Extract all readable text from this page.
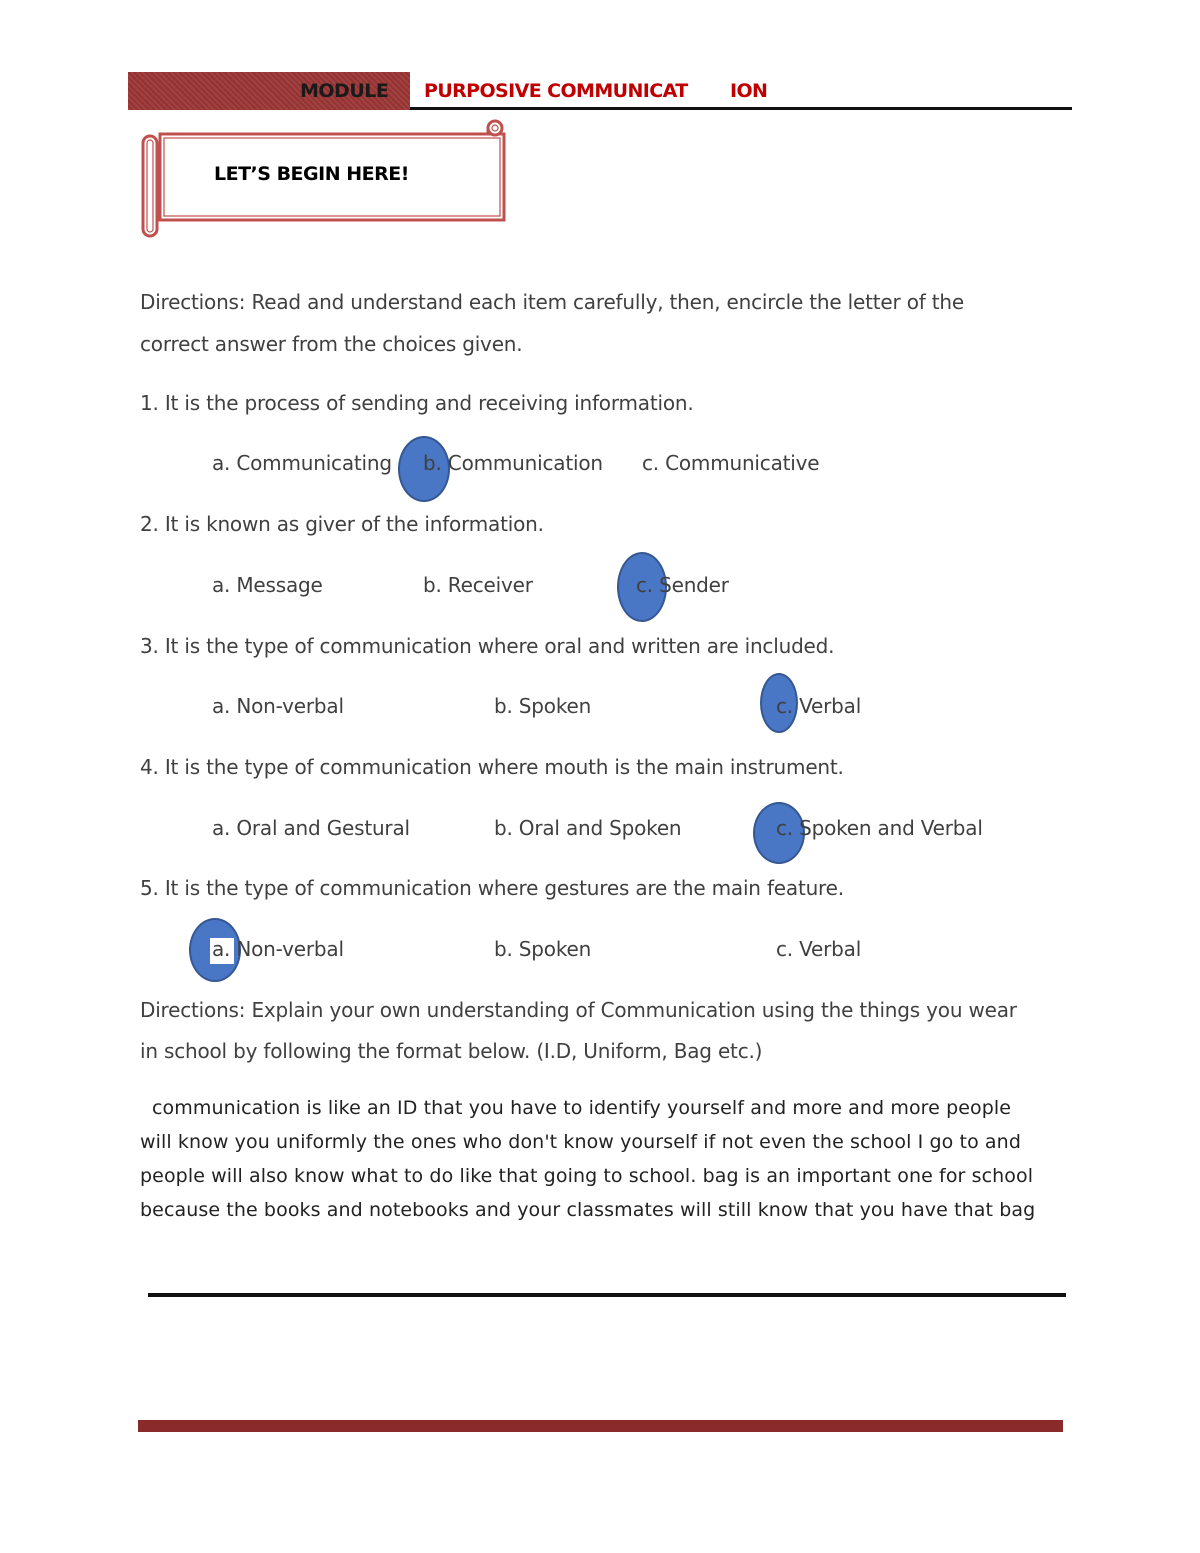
MODULE PURPOSIVE COMMUNICAT ION
LET’S BEGIN HERE!
Directions: Read and understand each item carefully, then, encircle the letter of the
correct answer from the choices given.
1. It is the process of sending and receiving information.
a. Communicating b. Communication c. Communicative
2. It is known as giver of the information.
a. Message	b. Receiver	c. Sender
3. It is the type of communication where oral and written are included.
a. Non-verbal	b. Spoken	c. Verbal
4. It is the type of communication where mouth is the main instrument.
a. Oral and Gestural	b. Oral and Spoken	c. Spoken and Verbal
5. It is the type of communication where gestures are the main feature.
a. Non-verbal	b. Spoken	c. Verbal
Directions: Explain your own understanding of Communication using the things you wear
in school by following the format below. (I.D, Uniform, Bag etc.)
communication is like an ID that you have to identify yourself and more and more people
will know you uniformly the ones who don't know yourself if not even the school I go to and
people will also know what to do like that going to school. bag is an important one for school
because the books and notebooks and your classmates will still know that you have that bag
